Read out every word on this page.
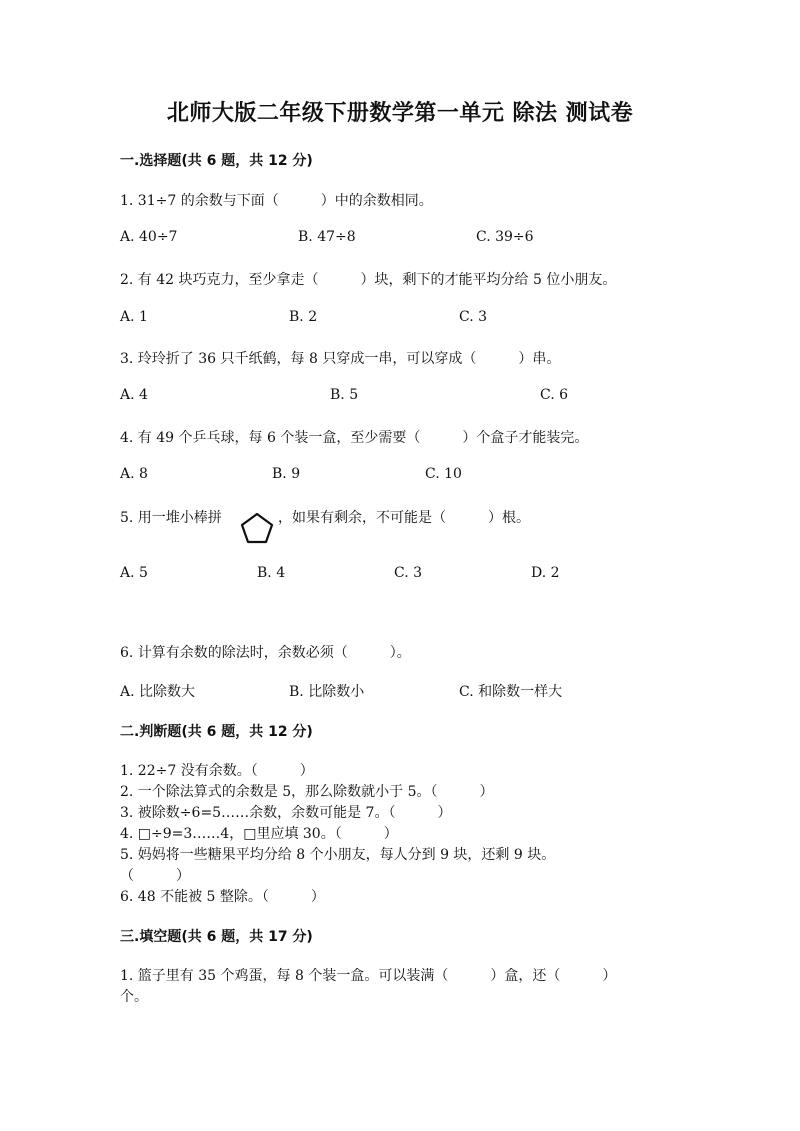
北师大版二年级下册数学第一单元 除法 测试卷
一.选择题(共 6 题，共 12 分)
1. 31÷7 的余数与下面（　　　）中的余数相同。
A. 40÷7	B. 47÷8	C. 39÷6
2. 有 42 块巧克力，至少拿走（　　　）块，剩下的才能平均分给 5 位小朋友。
A. 1	B. 2	C. 3
3. 玲玲折了 36 只千纸鹤，每 8 只穿成一串，可以穿成（　　　）串。
A. 4	B. 5	C. 6
4. 有 49 个乒乓球，每 6 个装一盒，至少需要（　　　）个盒子才能装完。
A. 8	B. 9	C. 10
5. 用一堆小棒拼	，如果有剩余，不可能是（　　　）根。
A. 5	B. 4	C. 3	D. 2
6. 计算有余数的除法时，余数必须（　　　）。
A. 比除数大	B. 比除数小	C. 和除数一样大
二.判断题(共 6 题，共 12 分)
1. 22÷7 没有余数。（　　　）
2. 一个除法算式的余数是 5，那么除数就小于 5。（　　　）
3. 被除数÷6=5……余数，余数可能是 7。（　　　）
4. □÷9=3……4，□里应填 30。（　　　）
5. 妈妈将一些糖果平均分给 8 个小朋友，每人分到 9 块，还剩 9 块。
（　　　）
6. 48 不能被 5 整除。（　　　）
三.填空题(共 6 题，共 17 分)
1. 篮子里有 35 个鸡蛋，每 8 个装一盒。可以装满（　　　）盒，还（　　　）
个。
